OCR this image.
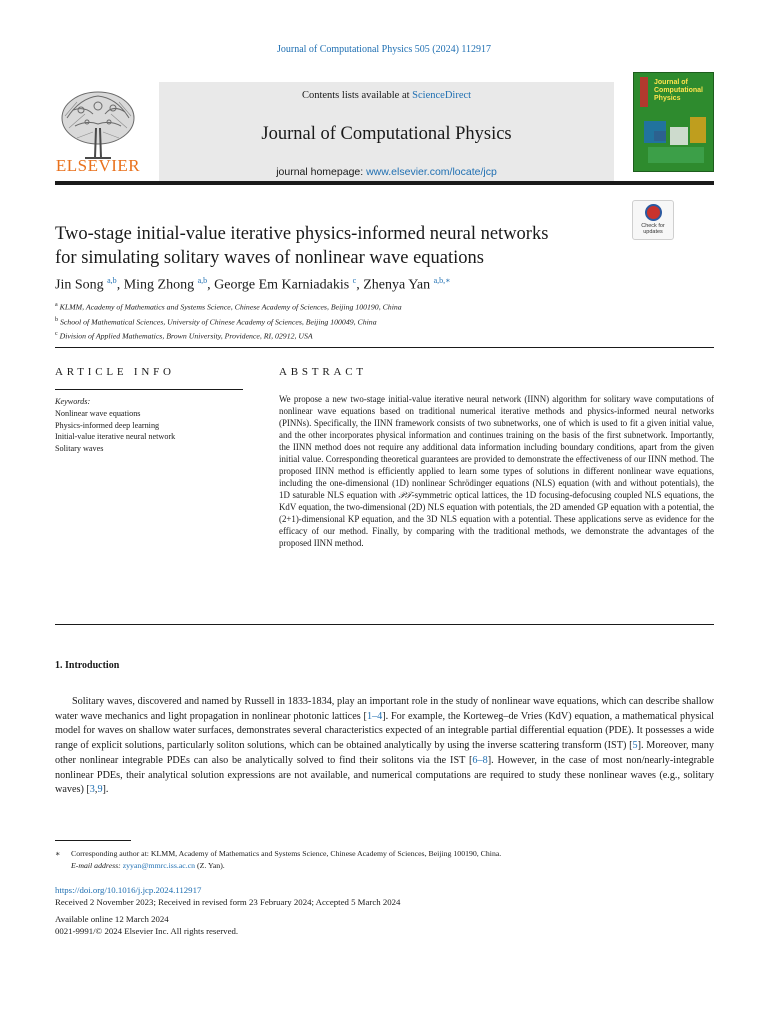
Journal of Computational Physics 505 (2024) 112917
ELSEVIER
Contents lists available at ScienceDirect
Journal of Computational Physics
journal homepage: www.elsevier.com/locate/jcp
Journal of Computational Physics
Two-stage initial-value iterative physics-informed neural networks
for simulating solitary waves of nonlinear wave equations
Check for updates
Jin Song $^{a,b}$, Ming Zhong $^{a,b}$, George Em Karniadakis $^c$, Zhenya Yan $^{a,b,∗}$
$^a$ KLMM, Academy of Mathematics and Systems Science, Chinese Academy of Sciences, Beijing 100190, China
$^b$ School of Mathematical Sciences, University of Chinese Academy of Sciences, Beijing 100049, China
$^c$ Division of Applied Mathematics, Brown University, Providence, RI, 02912, USA
ARTICLE INFO
Keywords:
Nonlinear wave equations
Physics-informed deep learning
Initial-value iterative neural network
Solitary waves
ABSTRACT
We propose a new two-stage initial-value iterative neural network (IINN) algorithm for solitary wave computations of nonlinear wave equations based on traditional numerical iterative methods and physics-informed neural networks (PINNs). Specifically, the IINN framework consists of two subnetworks, one of which is used to fit a given initial value, and the other incorporates physical information and continues training on the basis of the first subnetwork. Importantly, the IINN method does not require any additional data information including boundary conditions, apart from the given initial value. Corresponding theoretical guarantees are provided to demonstrate the effectiveness of our IINN method. The proposed IINN method is efficiently applied to learn some types of solutions in different nonlinear wave equations, including the one-dimensional (1D) nonlinear Schrödinger equations (NLS) equation (with and without potentials), the 1D saturable NLS equation with 𝒫𝒯-symmetric optical lattices, the 1D focusing-defocusing coupled NLS equations, the KdV equation, the two-dimensional (2D) NLS equation with potentials, the 2D amended GP equation with a potential, the (2+1)-dimensional KP equation, and the 3D NLS equation with a potential. These applications serve as evidence for the efficacy of our method. Finally, by comparing with the traditional methods, we demonstrate the advantages of the proposed IINN method.
1. Introduction
Solitary waves, discovered and named by Russell in 1833-1834, play an important role in the study of nonlinear wave equations, which can describe shallow water wave mechanics and light propagation in nonlinear photonic lattices [1–4]. For example, the Korteweg–de Vries (KdV) equation, a mathematical physical model for waves on shallow water surfaces, demonstrates several characteristics expected of an integrable partial differential equation (PDE). It possesses a wide range of explicit solutions, particularly soliton solutions, which can be obtained analytically by using the inverse scattering transform (IST) [5]. Moreover, many other nonlinear integrable PDEs can also be analytically solved to find their solitons via the IST [6–8]. However, in the case of most non/nearly-integrable nonlinear PDEs, their analytical solution expressions are not available, and numerical computations are required to study these nonlinear waves (e.g., solitary waves) [3,9].
∗ Corresponding author at: KLMM, Academy of Mathematics and Systems Science, Chinese Academy of Sciences, Beijing 100190, China.
E-mail address: zyyan@mmrc.iss.ac.cn (Z. Yan).
https://doi.org/10.1016/j.jcp.2024.112917
Received 2 November 2023; Received in revised form 23 February 2024; Accepted 5 March 2024
Available online 12 March 2024
0021-9991/© 2024 Elsevier Inc. All rights reserved.
